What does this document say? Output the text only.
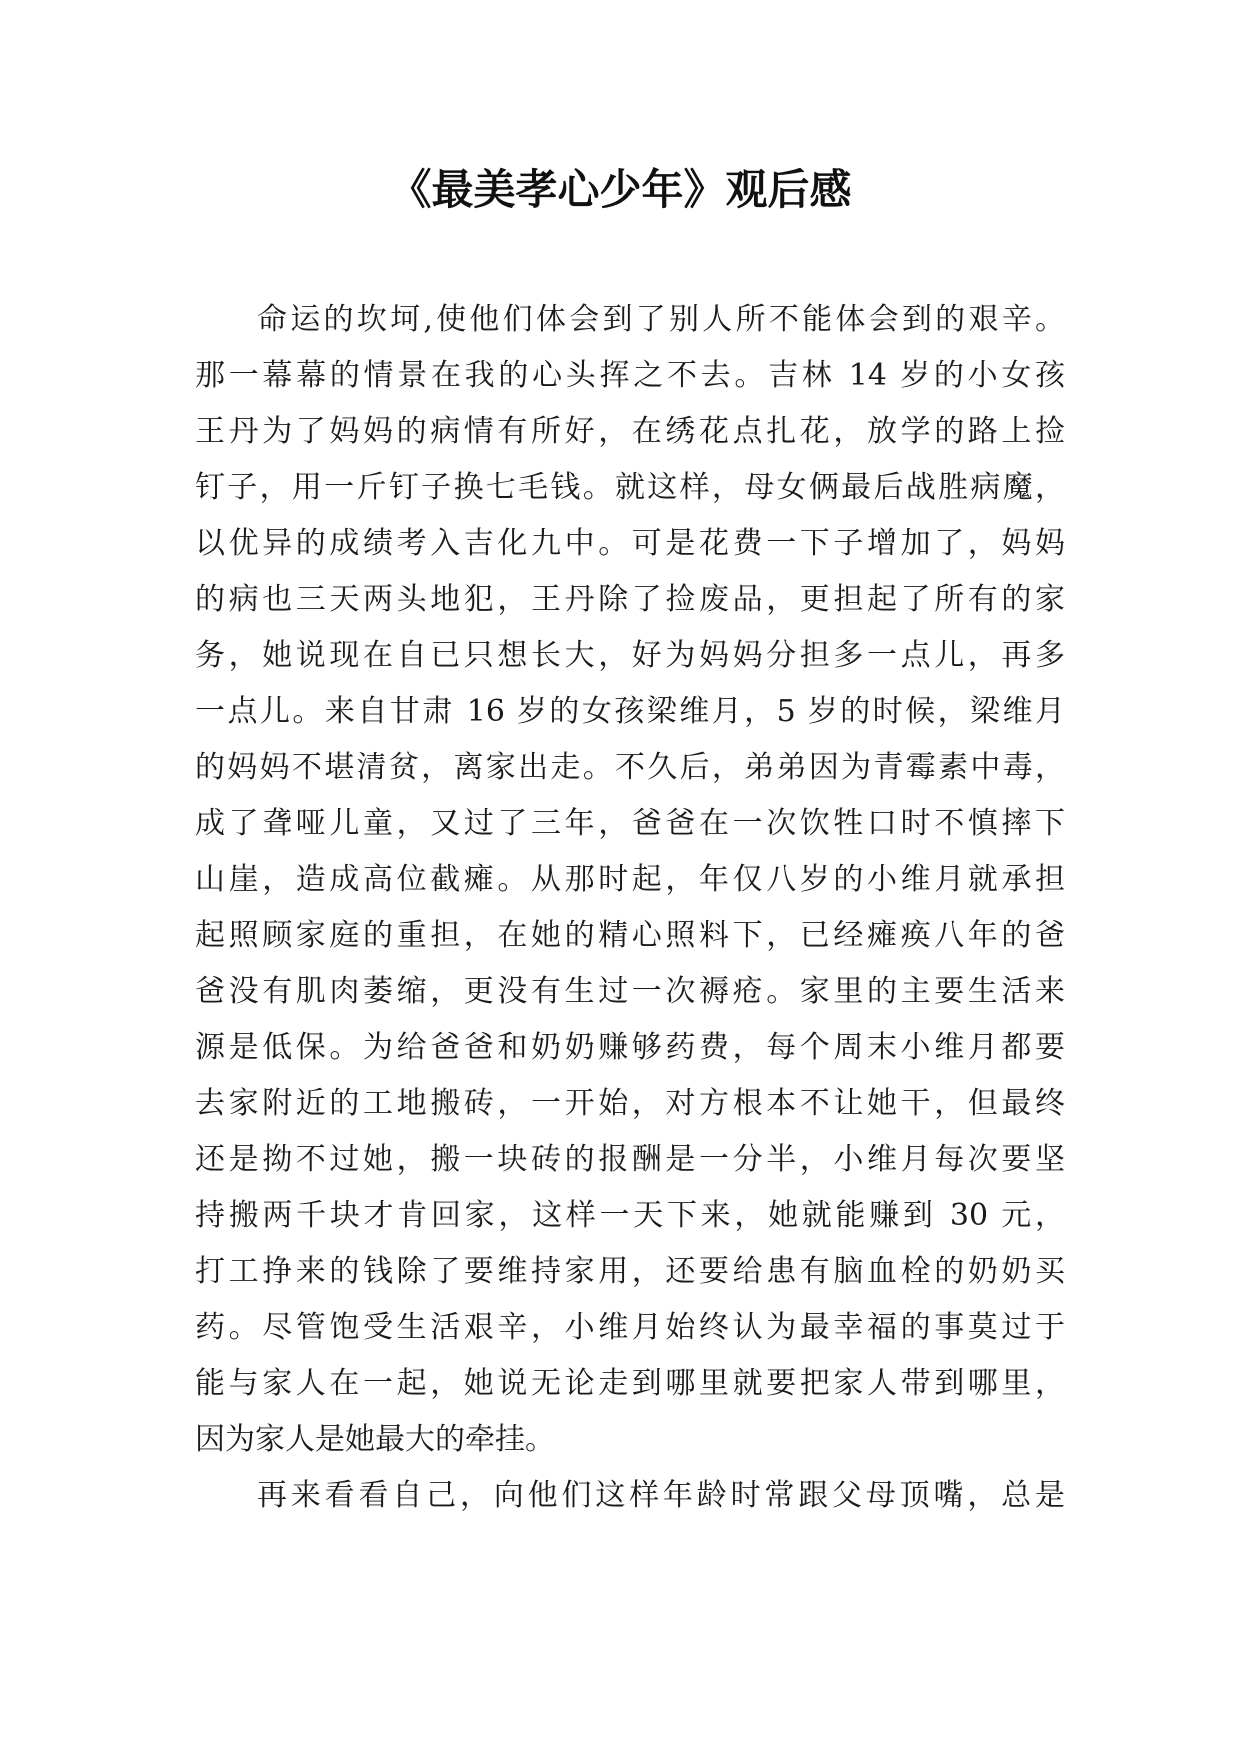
《最美孝心少年》观后感
命运的坎坷,使他们体会到了别人所不能体会到的艰辛。
那一幕幕的情景在我的心头挥之不去。吉林 14 岁的小女孩
王丹为了妈妈的病情有所好，在绣花点扎花，放学的路上捡
钉子，用一斤钉子换七毛钱。就这样，母女俩最后战胜病魔，
以优异的成绩考入吉化九中。可是花费一下子增加了，妈妈
的病也三天两头地犯，王丹除了捡废品，更担起了所有的家
务，她说现在自已只想长大，好为妈妈分担多一点儿，再多
一点儿。来自甘肃 16 岁的女孩梁维月，5 岁的时候，梁维月
的妈妈不堪清贫，离家出走。不久后，弟弟因为青霉素中毒，
成了聋哑儿童，又过了三年，爸爸在一次饮牲口时不慎摔下
山崖，造成高位截瘫。从那时起，年仅八岁的小维月就承担
起照顾家庭的重担，在她的精心照料下，已经瘫痪八年的爸
爸没有肌肉萎缩，更没有生过一次褥疮。家里的主要生活来
源是低保。为给爸爸和奶奶赚够药费，每个周末小维月都要
去家附近的工地搬砖，一开始，对方根本不让她干，但最终
还是拗不过她，搬一块砖的报酬是一分半，小维月每次要坚
持搬两千块才肯回家，这样一天下来，她就能赚到 30 元，
打工挣来的钱除了要维持家用，还要给患有脑血栓的奶奶买
药。尽管饱受生活艰辛，小维月始终认为最幸福的事莫过于
能与家人在一起，她说无论走到哪里就要把家人带到哪里，
因为家人是她最大的牵挂。
再来看看自己，向他们这样年龄时常跟父母顶嘴，总是
